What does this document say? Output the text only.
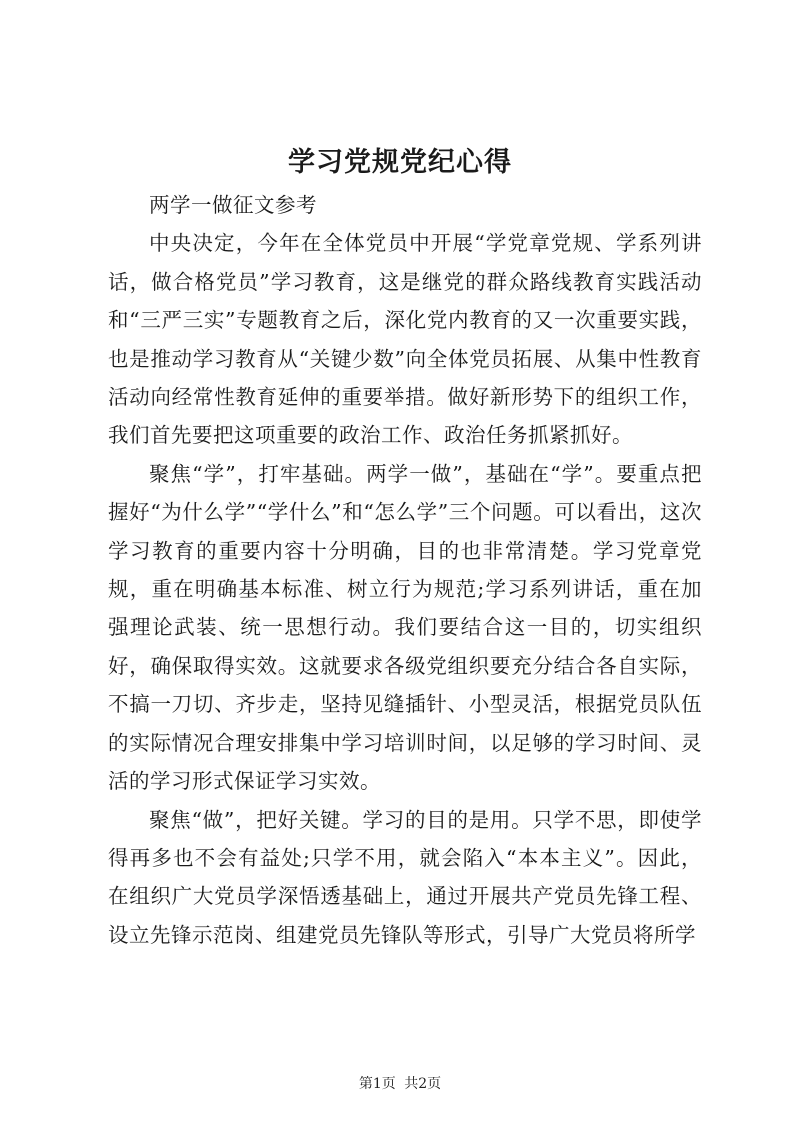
学习党规党纪心得

两学一做征文参考

中央决定，今年在全体党员中开展“学党章党规、学系列讲话，做合格党员”学习教育，这是继党的群众路线教育实践活动和“三严三实”专题教育之后，深化党内教育的又一次重要实践，也是推动学习教育从“关键少数”向全体党员拓展、从集中性教育活动向经常性教育延伸的重要举措。做好新形势下的组织工作，我们首先要把这项重要的政治工作、政治任务抓紧抓好。

聚焦“学”，打牢基础。两学一做”，基础在“学”。要重点把握好“为什么学”“学什么”和“怎么学”三个问题。可以看出，这次学习教育的重要内容十分明确，目的也非常清楚。学习党章党规，重在明确基本标准、树立行为规范;学习系列讲话，重在加强理论武装、统一思想行动。我们要结合这一目的，切实组织好，确保取得实效。这就要求各级党组织要充分结合各自实际，不搞一刀切、齐步走，坚持见缝插针、小型灵活，根据党员队伍的实际情况合理安排集中学习培训时间，以足够的学习时间、灵活的学习形式保证学习实效。

聚焦“做”，把好关键。学习的目的是用。只学不思，即使学得再多也不会有益处;只学不用，就会陷入“本本主义”。因此，在组织广大党员学深悟透基础上，通过开展共产党员先锋工程、设立先锋示范岗、组建党员先锋队等形式，引导广大党员将所学

第1页 共2页
